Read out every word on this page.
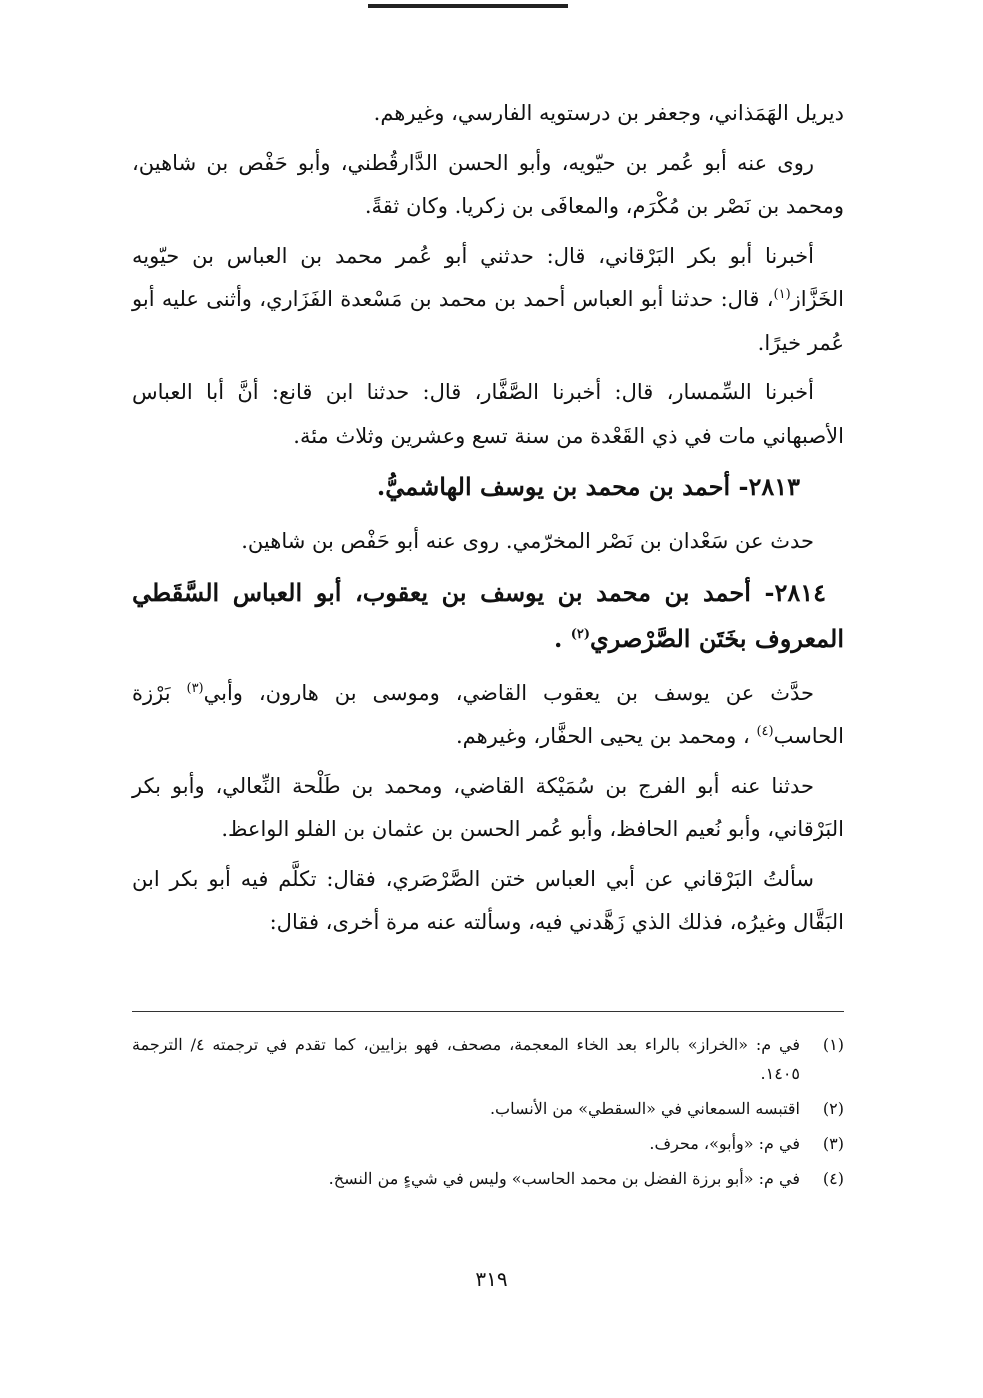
ديريل الهَمَذاني، وجعفر بن درستويه الفارسي، وغيرهم.

روى عنه أبو عُمر بن حيّويه، وأبو الحسن الدَّارقُطني، وأبو حَفْص بن شاهين، ومحمد بن نَصْر بن مُكْرَم، والمعافَى بن زكريا. وكان ثقةً.

أخبرنا أبو بكر البَرْقاني، قال: حدثني أبو عُمر محمد بن العباس بن حيّويه الخَزَّاز$^{(١)}$، قال: حدثنا أبو العباس أحمد بن محمد بن مَسْعدة الفَزَاري، وأثنى عليه أبو عُمر خيرًا.

أخبرنا السِّمسار، قال: أخبرنا الصَّفَّار، قال: حدثنا ابن قانع: أنَّ أبا العباس الأصبهاني مات في ذي القَعْدة من سنة تسع وعشرين وثلاث مئة.

٢٨١٣- أحمد بن محمد بن يوسف الهاشميُّ.

حدث عن سَعْدان بن نَصْر المخرّمي. روى عنه أبو حَفْص بن شاهين.

٢٨١٤- أحمد بن محمد بن يوسف بن يعقوب، أبو العباس السَّقَطي المعروف بخَتَن الصَّرْصري$^{(٢)}$ .

حدَّث عن يوسف بن يعقوب القاضي، وموسى بن هارون، وأبي$^{(٣)}$ بَرْزة الحاسب$^{(٤)}$ ، ومحمد بن يحيى الحفَّار، وغيرهم.

حدثنا عنه أبو الفرج بن سُمَيْكة القاضي، ومحمد بن طَلْحة النِّعالي، وأبو بكر البَرْقاني، وأبو نُعيم الحافظ، وأبو عُمر الحسن بن عثمان بن الفلو الواعظ.

سألتُ البَرْقاني عن أبي العباس ختن الصَّرْصَري، فقال: تكلَّم فيه أبو بكر ابن البَقَّال وغيرُه، فذلك الذي زَهَّدني فيه، وسألته عنه مرة أخرى، فقال:

(١)
في م: «الخراز» بالراء بعد الخاء المعجمة، مصحف، فهو بزايين، كما تقدم في ترجمته ٤/ الترجمة ١٤٠٥.
(٢)
اقتبسه السمعاني في «السقطي» من الأنساب.
(٣)
في م: «وأبو»، محرف.
(٤)
في م: «أبو برزة الفضل بن محمد الحاسب» وليس في شيءٍ من النسخ.
٣١٩
